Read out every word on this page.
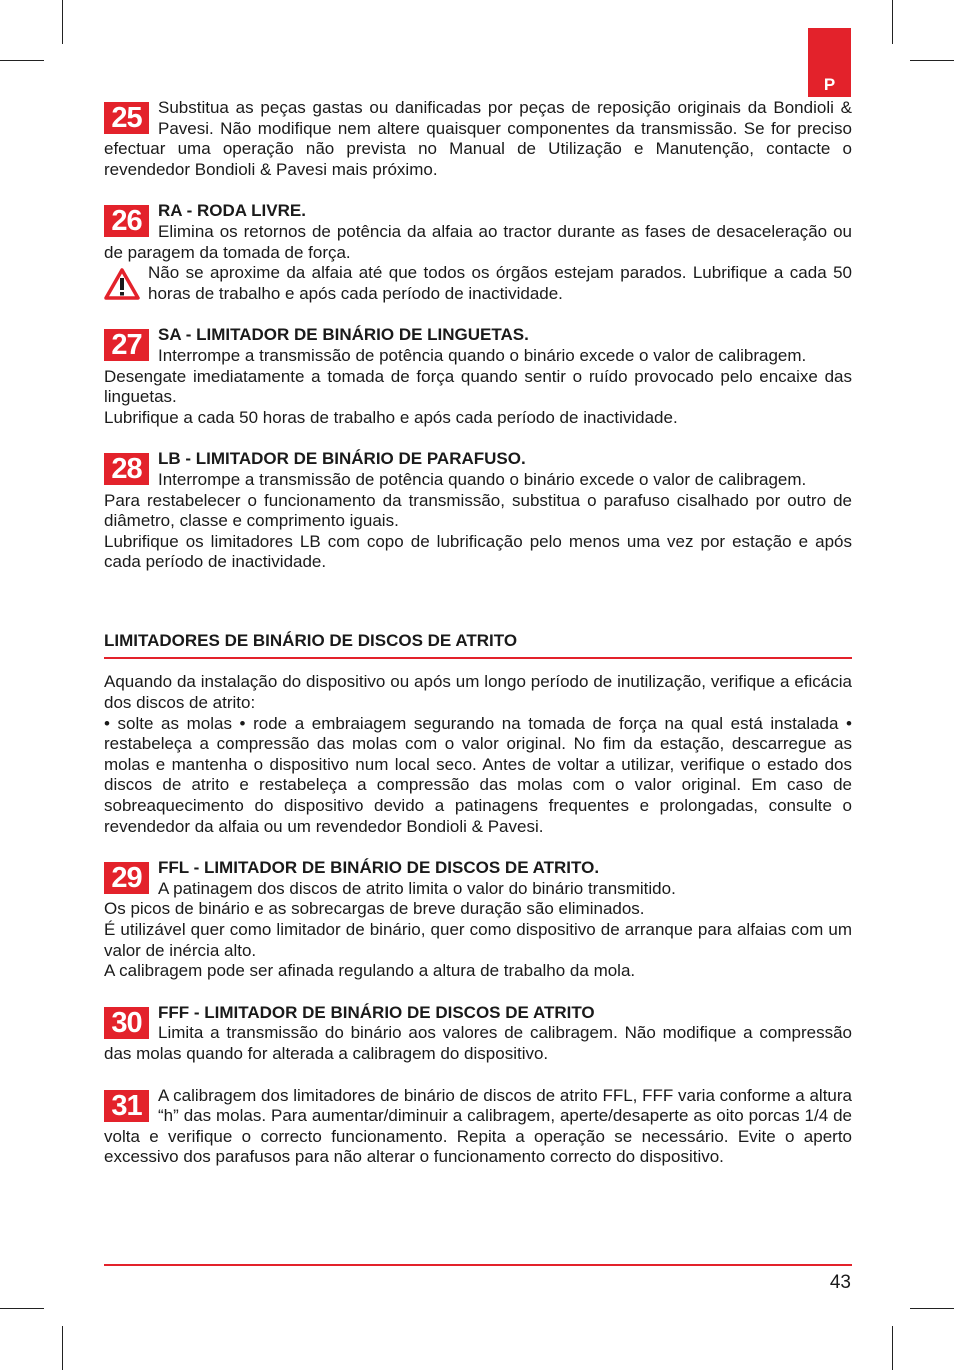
P
25 Substitua as peças gastas ou danificadas por peças de reposição originais da Bondioli & Pavesi. Não modifique nem altere quaisquer componentes da transmissão. Se for preciso efectuar uma operação não prevista no Manual de Utilização e Manutenção, contacte o revendedor Bondioli & Pavesi mais próximo.

26 RA - RODA LIVRE.

Elimina os retornos de potência da alfaia ao tractor durante as fases de desaceleração ou de paragem da tomada de força.

Não se aproxime da alfaia até que todos os órgãos estejam parados. Lubrifique a cada 50 horas de trabalho e após cada período de inactividade.

27 SA - LIMITADOR DE BINÁRIO DE LINGUETAS.

Interrompe a transmissão de potência quando o binário excede o valor de calibragem.

Desengate imediatamente a tomada de força quando sentir o ruído provocado pelo encaixe das linguetas.

Lubrifique a cada 50 horas de trabalho e após cada período de inactividade.

28 LB - LIMITADOR DE BINÁRIO DE PARAFUSO.

Interrompe a transmissão de potência quando o binário excede o valor de calibragem.

Para restabelecer o funcionamento da transmissão, substitua o parafuso cisalhado por outro de diâmetro, classe e comprimento iguais.

Lubrifique os limitadores LB com copo de lubrificação pelo menos uma vez por estação e após cada período de inactividade.

LIMITADORES DE BINÁRIO DE DISCOS DE ATRITO

Aquando da instalação do dispositivo ou após um longo período de inutilização, verifique a eficácia dos discos de atrito:

• solte as molas • rode a embraiagem segurando na tomada de força na qual está instalada • restabeleça a compressão das molas com o valor original. No fim da estação, descarregue as molas e mantenha o dispositivo num local seco. Antes de voltar a utilizar, verifique o estado dos discos de atrito e restabeleça a compressão das molas com o valor original. Em caso de sobreaquecimento do dispositivo devido a patinagens frequentes e prolongadas, consulte o revendedor da alfaia ou um revendedor Bondioli & Pavesi.

29 FFL - LIMITADOR DE BINÁRIO DE DISCOS DE ATRITO.

A patinagem dos discos de atrito limita o valor do binário transmitido.

Os picos de binário e as sobrecargas de breve duração são eliminados.

É utilizável quer como limitador de binário, quer como dispositivo de arranque para alfaias com um valor de inércia alto.

A calibragem pode ser afinada regulando a altura de trabalho da mola.

30 FFF - LIMITADOR DE BINÁRIO DE DISCOS DE ATRITO

Limita a transmissão do binário aos valores de calibragem. Não modifique a compressão das molas quando for alterada a calibragem do dispositivo.

31 A calibragem dos limitadores de binário de discos de atrito FFL, FFF varia conforme a altura “h” das molas. Para aumentar/diminuir a calibragem, aperte/desaperte as oito porcas 1/4 de volta e verifique o correcto funcionamento. Repita a operação se necessário. Evite o aperto excessivo dos parafusos para não alterar o funcionamento correcto do dispositivo.

43
